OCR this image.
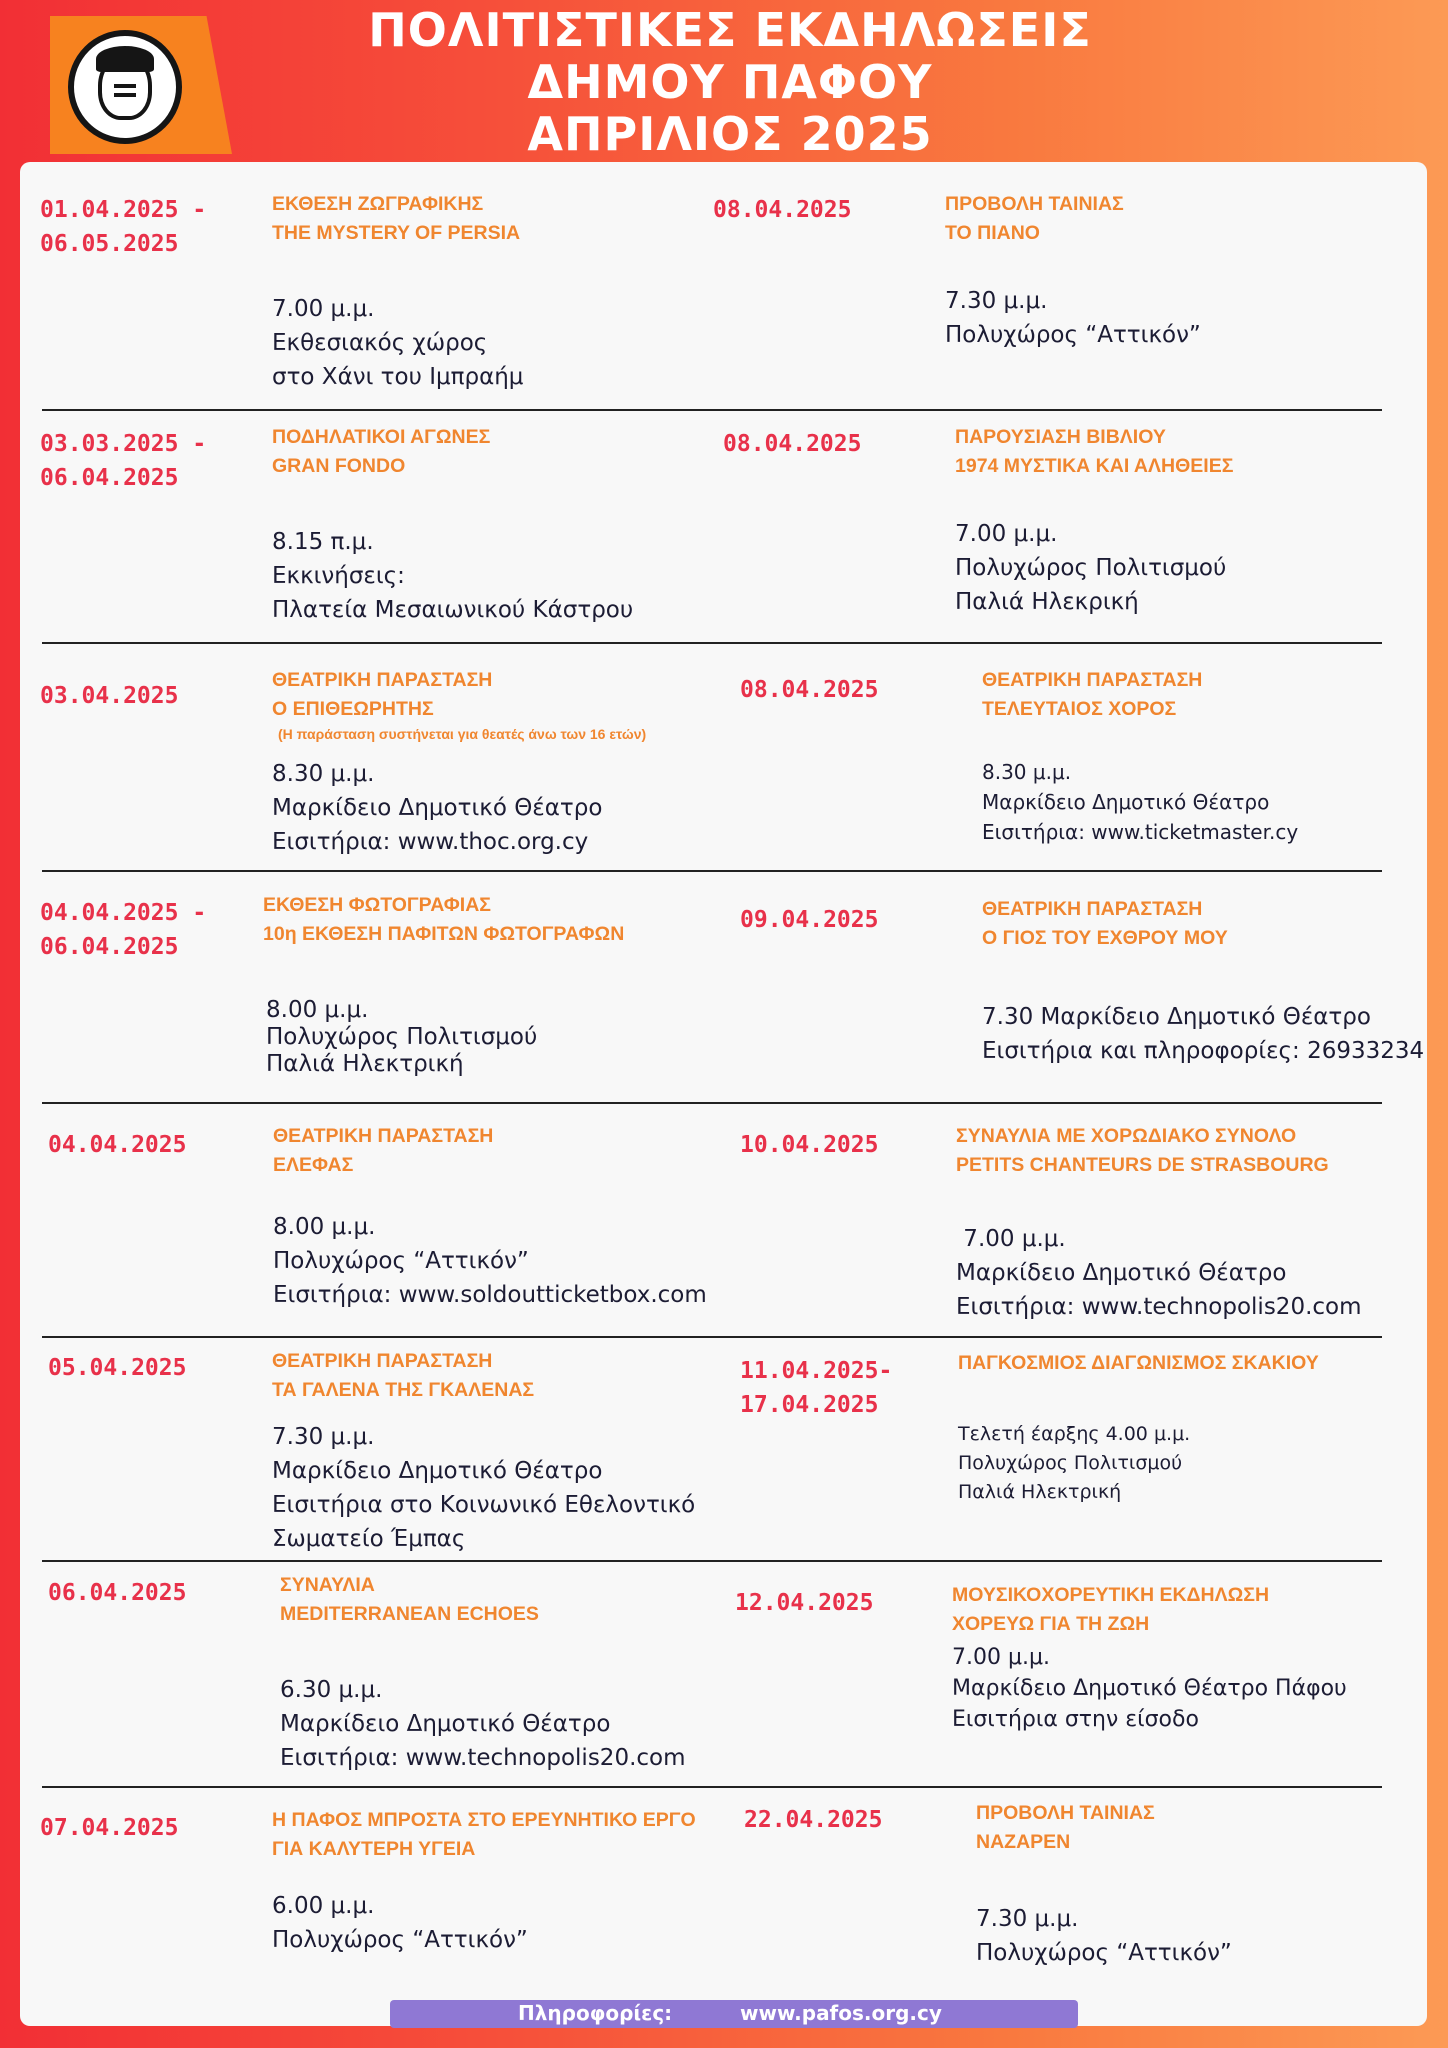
ΠΟΛΙΤΙΣΤΙΚΕΣ ΕΚΔΗΛΩΣΕΙΣ
ΔΗΜΟΥ ΠΑΦΟΥ
ΑΠΡΙΛΙΟΣ 2025
01.04.2025 -
06.05.2025
ΕΚΘΕΣΗ ΖΩΓΡΑΦΙΚΗΣ
THE MYSTERY OF PERSIA
7.00 μ.μ.
Εκθεσιακός χώρος
στο Χάνι του Ιμπραήμ
08.04.2025	ΠΡΟΒΟΛΗ ΤΑΙΝΙΑΣ
ΤΟ ΠΙΑΝΟ
7.30 μ.μ.
Πολυχώρος “Αττικόν”
03.03.2025 -
06.04.2025
ΠΟΔΗΛΑΤΙΚΟΙ ΑΓΩΝΕΣ
GRAN FONDO
8.15 π.μ.
Εκκινήσεις:
Πλατεία Μεσαιωνικού Κάστρου
08.04.2025	ΠΑΡΟΥΣΙΑΣΗ ΒΙΒΛΙΟΥ
1974 ΜΥΣΤΙΚΑ ΚΑΙ ΑΛΗΘΕΙΕΣ
7.00 μ.μ.
Πολυχώρος Πολιτισμού
Παλιά Ηλεκρική
03.04.2025
ΘΕΑΤΡΙΚΗ ΠΑΡΑΣΤΑΣΗ
Ο ΕΠΙΘΕΩΡΗΤΗΣ
(Η παράσταση συστήνεται για θεατές άνω των 16 ετών)
8.30 μ.μ.
Μαρκίδειο Δημοτικό Θέατρο
Εισιτήρια: www.thoc.org.cy
08.04.2025	ΘΕΑΤΡΙΚΗ ΠΑΡΑΣΤΑΣΗ
ΤΕΛΕΥΤΑΙΟΣ ΧΟΡΟΣ
8.30 μ.μ.
Μαρκίδειο Δημοτικό Θέατρο
Εισιτήρια: www.ticketmaster.cy
04.04.2025 -
06.04.2025
ΕΚΘΕΣΗ ΦΩΤΟΓΡΑΦΙΑΣ
10η ΕΚΘΕΣΗ ΠΑΦΙΤΩΝ ΦΩΤΟΓΡΑΦΩΝ
8.00 μ.μ.
Πολυχώρος Πολιτισμού
Παλιά Ηλεκτρική
09.04.2025	ΘΕΑΤΡΙΚΗ ΠΑΡΑΣΤΑΣΗ
Ο ΓΙΟΣ ΤΟΥ ΕΧΘΡΟΥ ΜΟΥ
7.30 Μαρκίδειο Δημοτικό Θέατρο
Εισιτήρια και πληροφορίες: 26933234
04.04.2025	ΘΕΑΤΡΙΚΗ ΠΑΡΑΣΤΑΣΗ
ΕΛΕΦΑΣ
8.00 μ.μ.
Πολυχώρος “Αττικόν”
Εισιτήρια: www.soldoutticketbox.com
10.04.2025	ΣΥΝΑΥΛΙΑ ΜΕ ΧΟΡΩΔΙΑΚΟ ΣΥΝΟΛΟ
PETITS CHANTEURS DE STRASBOURG
7.00 μ.μ.
Μαρκίδειο Δημοτικό Θέατρο
Εισιτήρια: www.technopolis20.com
05.04.2025	ΘΕΑΤΡΙΚΗ ΠΑΡΑΣΤΑΣΗ
ΤΑ ΓΑΛΕΝΑ ΤΗΣ ΓΚΑΛΕΝΑΣ
7.30 μ.μ.
Μαρκίδειο Δημοτικό Θέατρο
Εισιτήρια στο Κοινωνικό Εθελοντικό
Σωματείο Έμπας
11.04.2025-
17.04.2025
ΠΑΓΚΟΣΜΙΟΣ ΔΙΑΓΩΝΙΣΜΟΣ ΣΚΑΚΙΟΥ
Τελετή έαρξης 4.00 μ.μ.
Πολυχώρος Πολιτισμού
Παλιά Ηλεκτρική
06.04.2025	ΣΥΝΑΥΛΙΑ
MEDITERRANEAN ECHOES
6.30 μ.μ.
Μαρκίδειο Δημοτικό Θέατρο
Εισιτήρια: www.technopolis20.com
12.04.2025	ΜΟΥΣΙΚΟΧΟΡΕΥΤΙΚΗ ΕΚΔΗΛΩΣΗ
ΧΟΡΕΥΩ ΓΙΑ ΤΗ ΖΩΗ
7.00 μ.μ.
Μαρκίδειο Δημοτικό Θέατρο Πάφου
Εισιτήρια στην είσοδο
07.04.2025	Η ΠΑΦΟΣ ΜΠΡΟΣΤΑ ΣΤΟ ΕΡΕΥΝΗΤΙΚΟ ΕΡΓΟ
ΓΙΑ ΚΑΛΥΤΕΡΗ ΥΓΕΙΑ
6.00 μ.μ.
Πολυχώρος “Αττικόν”
22.04.2025	ΠΡΟΒΟΛΗ ΤΑΙΝΙΑΣ
ΝΑΖΑΡΕΝ
7.30 μ.μ.
Πολυχώρος “Αττικόν”
Πληροφορίες:	www.pafos.org.cy
